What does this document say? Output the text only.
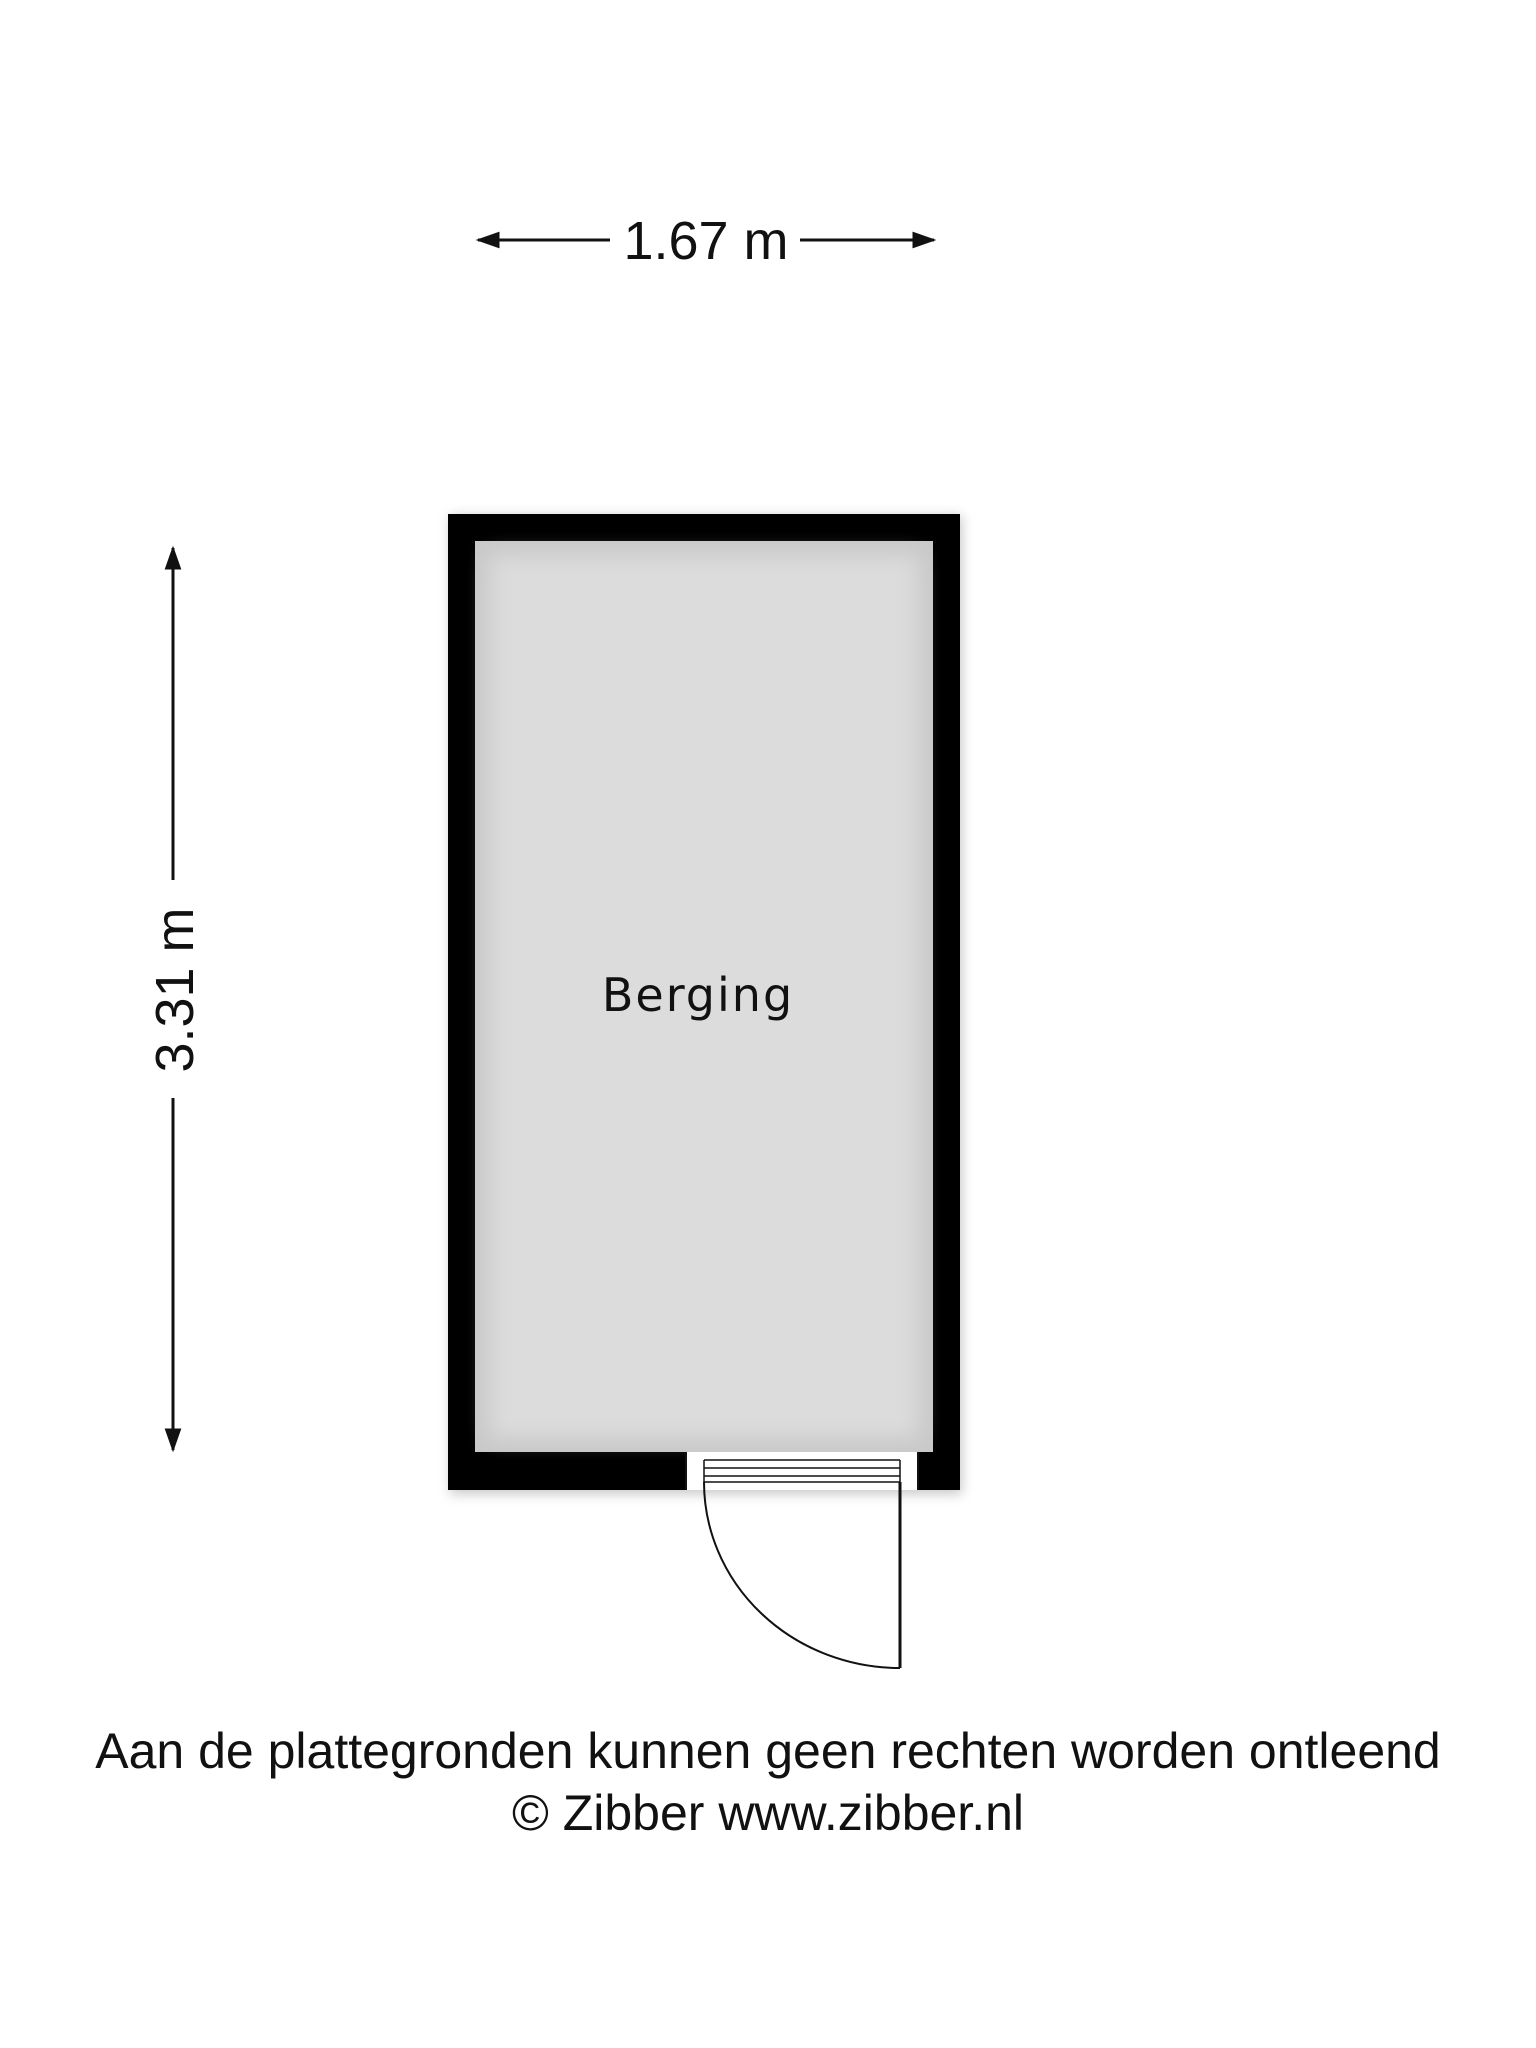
1.67 m
3.31 m	Berging
Aan de plattegronden kunnen geen rechten worden ontleend
© Zibber www.zibber.nl
